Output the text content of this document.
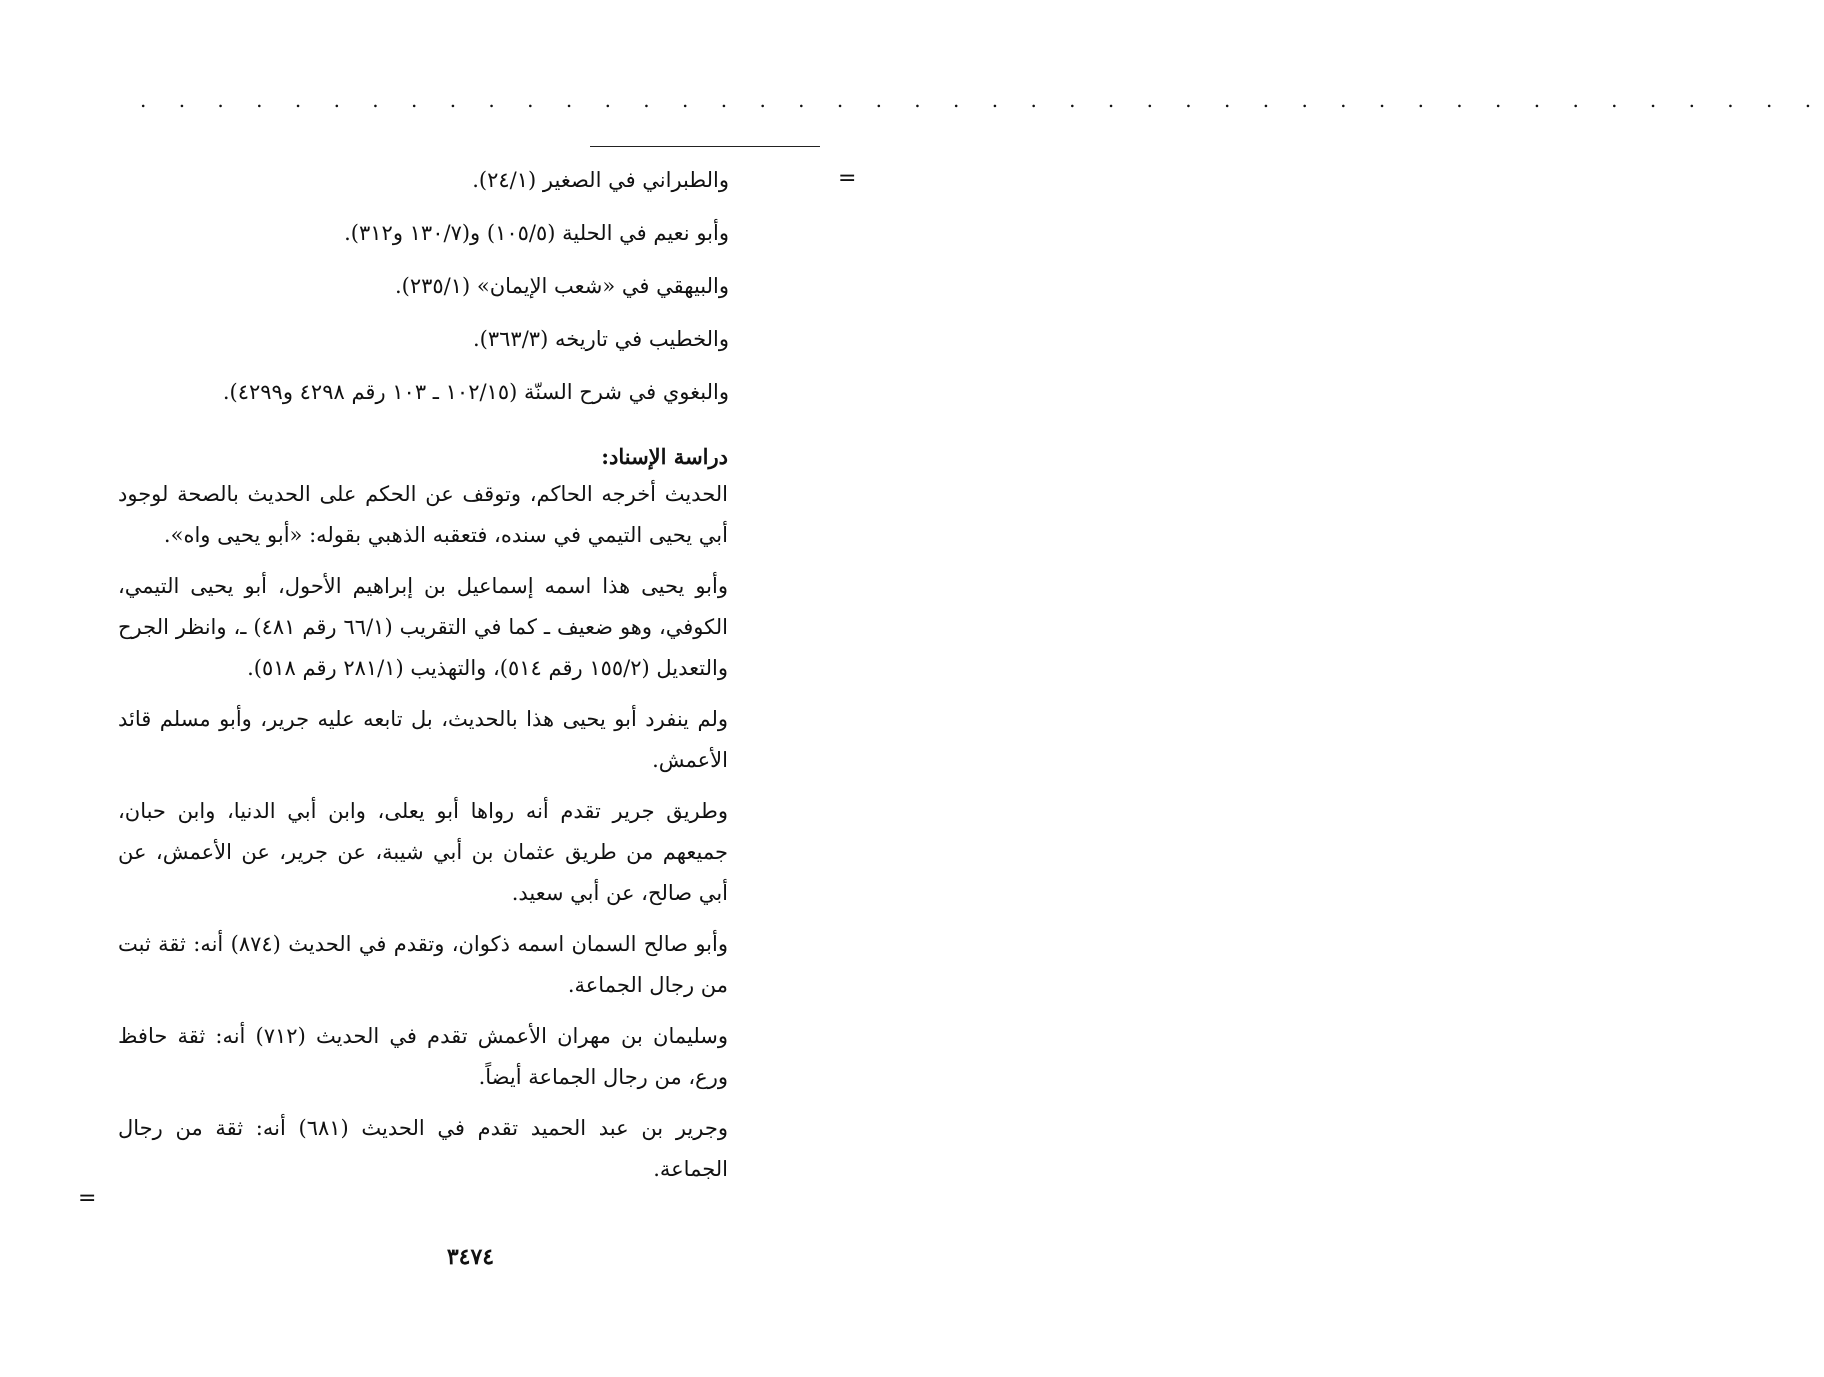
. . . . . . . . . . . . . . . . . . . . . . . . . . . . . . . . . . . . . . . . . . . .
=
والطبراني في الصغير (٢٤/١).
وأبو نعيم في الحلية (١٠٥/٥) و(١٣٠/٧ و٣١٢).
والبيهقي في «شعب الإيمان» (٢٣٥/١).
والخطيب في تاريخه (٣٦٣/٣).
والبغوي في شرح السنّة (١٠٢/١٥ ـ ١٠٣ رقم ٤٢٩٨ و٤٢٩٩).

دراسة الإسناد:

الحديث أخرجه الحاكم، وتوقف عن الحكم على الحديث بالصحة لوجود أبي يحيى التيمي في سنده، فتعقبه الذهبي بقوله: «أبو يحيى واه».

وأبو يحيى هذا اسمه إسماعيل بن إبراهيم الأحول، أبو يحيى التيمي، الكوفي، وهو ضعيف ـ كما في التقريب (٦٦/١ رقم ٤٨١) ـ، وانظر الجرح والتعديل (١٥٥/٢ رقم ٥١٤)، والتهذيب (٢٨١/١ رقم ٥١٨).

ولم ينفرد أبو يحيى هذا بالحديث، بل تابعه عليه جرير، وأبو مسلم قائد الأعمش.

وطريق جرير تقدم أنه رواها أبو يعلى، وابن أبي الدنيا، وابن حبان، جميعهم من طريق عثمان بن أبي شيبة، عن جرير، عن الأعمش، عن أبي صالح، عن أبي سعيد.

وأبو صالح السمان اسمه ذكوان، وتقدم في الحديث (٨٧٤) أنه: ثقة ثبت من رجال الجماعة.

وسليمان بن مهران الأعمش تقدم في الحديث (٧١٢) أنه: ثقة حافظ ورع، من رجال الجماعة أيضاً.

وجرير بن عبد الحميد تقدم في الحديث (٦٨١) أنه: ثقة من رجال الجماعة.

=
٣٤٧٤
